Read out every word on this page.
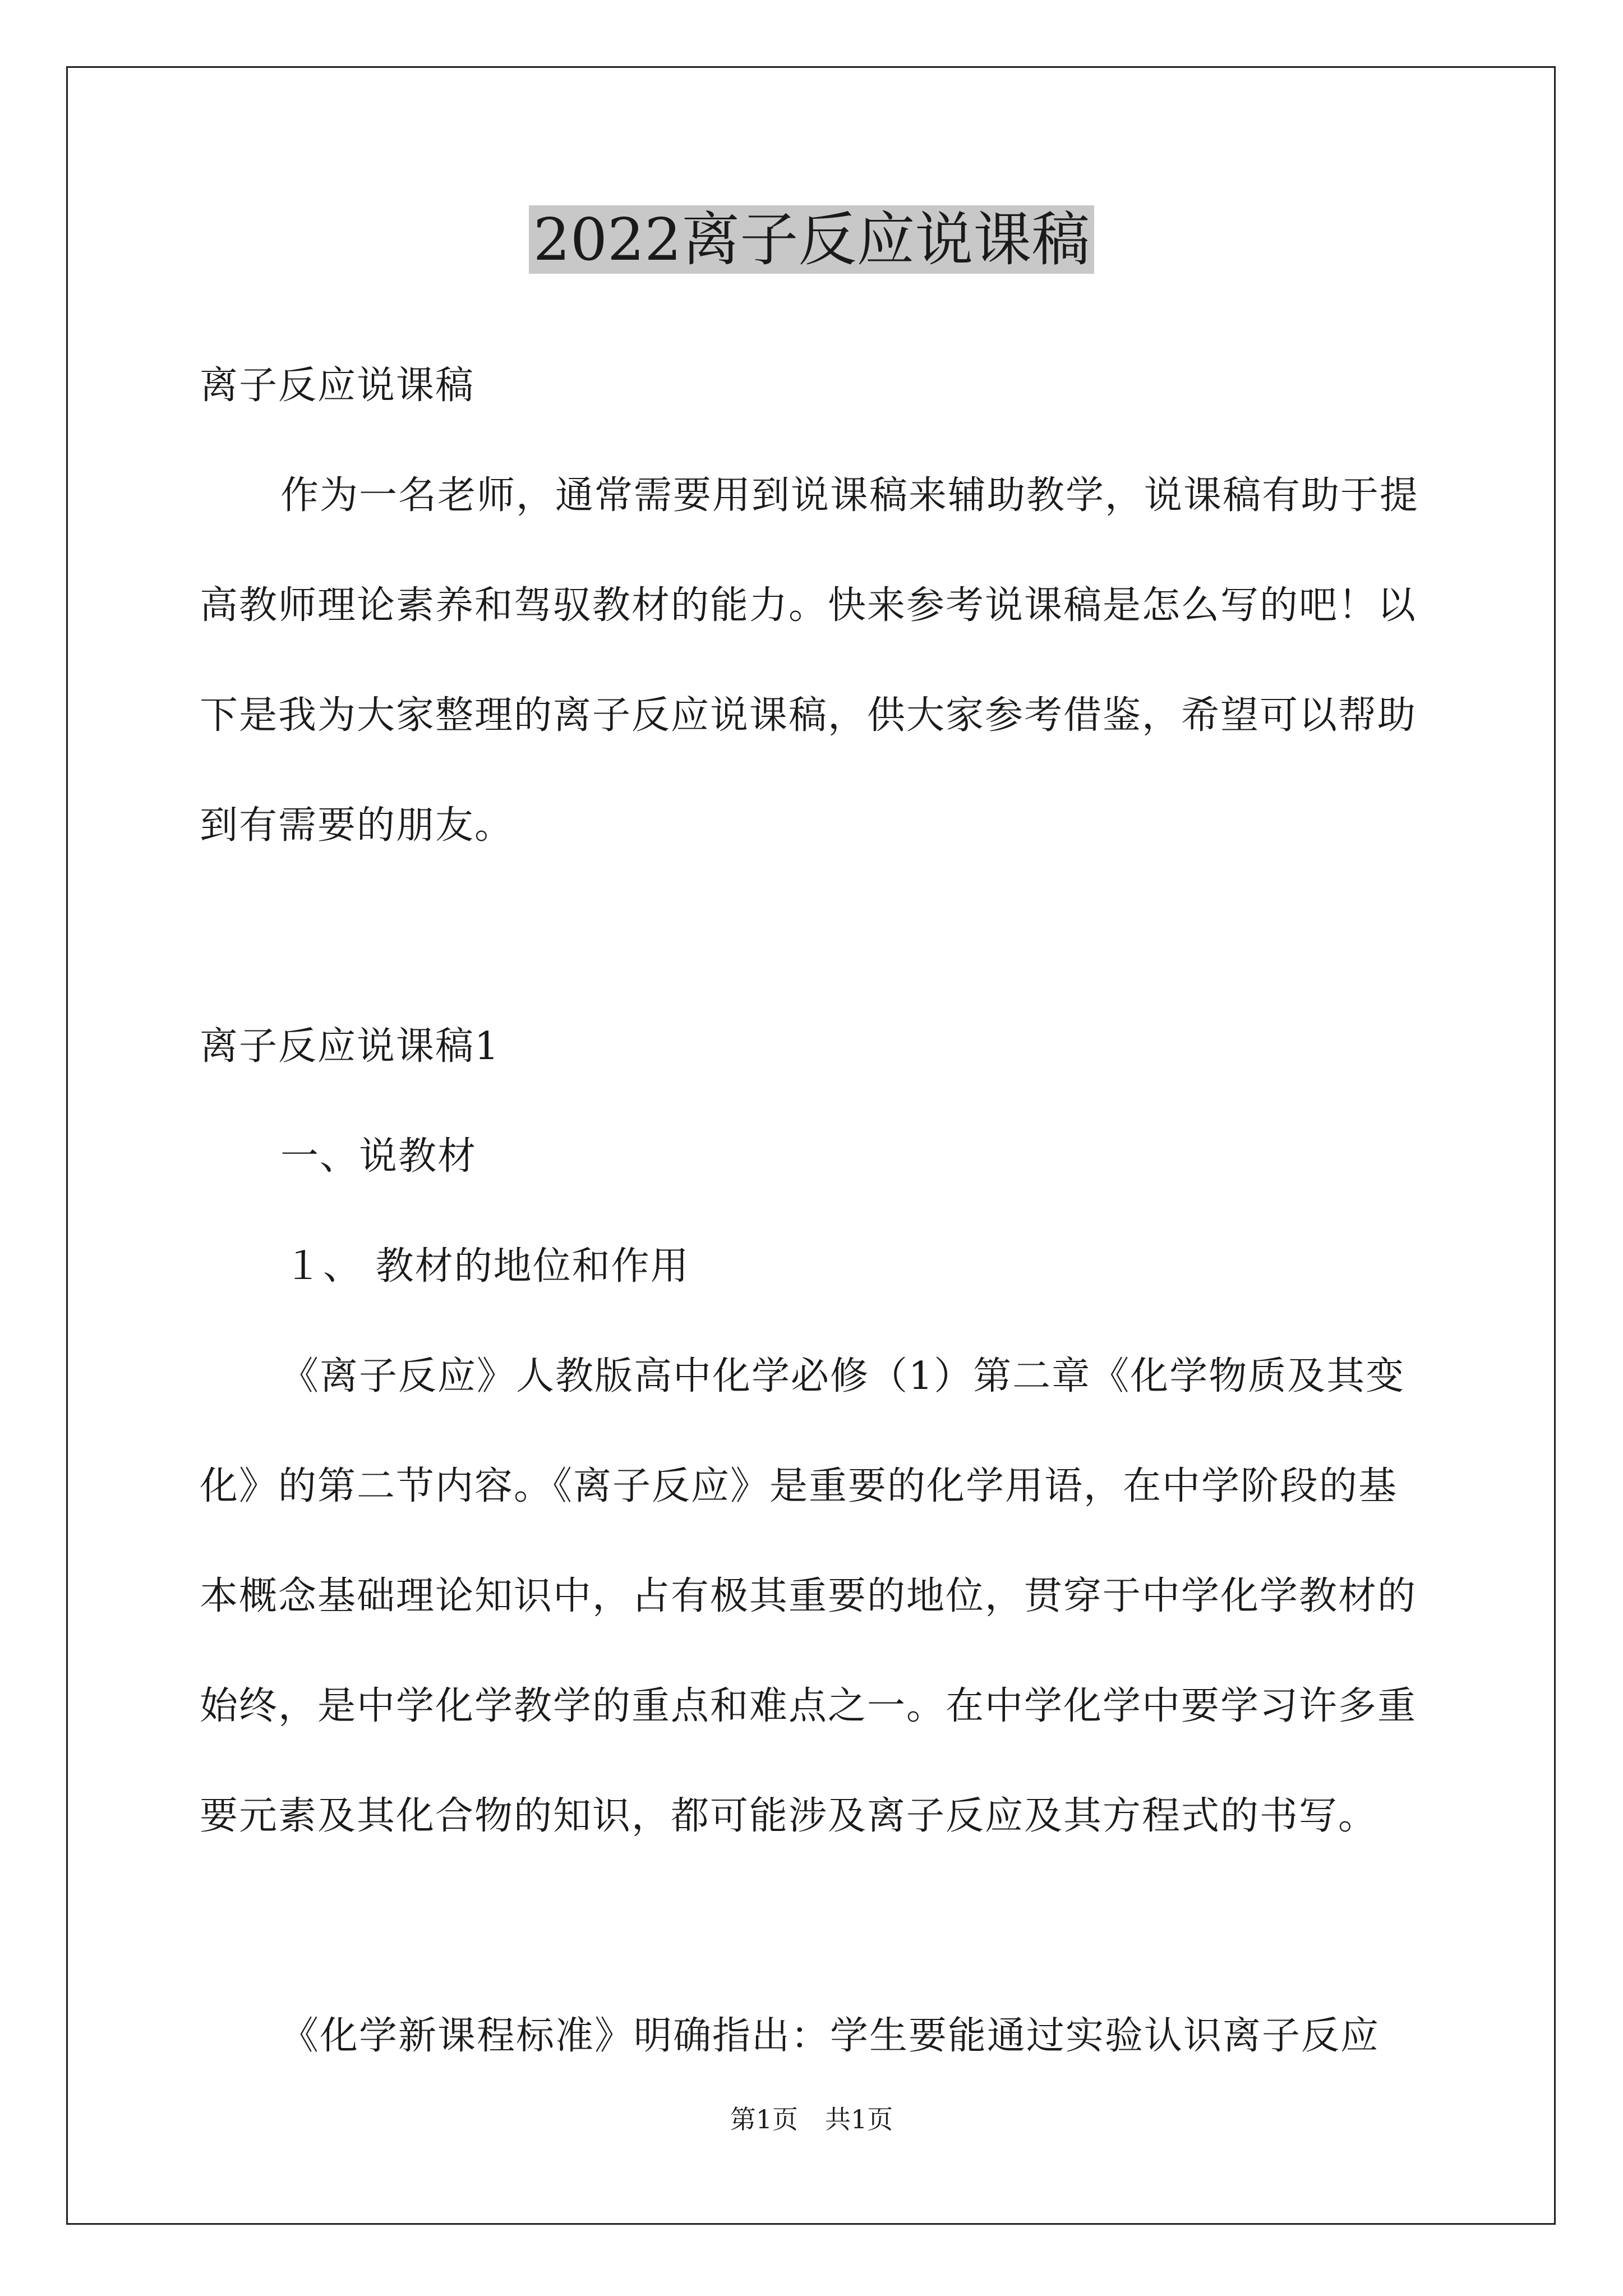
2022离子反应说课稿

离子反应说课稿

作为一名老师，通常需要用到说课稿来辅助教学，说课稿有助于提高教师理论素养和驾驭教材的能力。快来参考说课稿是怎么写的吧！以下是我为大家整理的离子反应说课稿，供大家参考借鉴，希望可以帮助到有需要的朋友。

离子反应说课稿1

一、说教材

１、 教材的地位和作用

《离子反应》人教版高中化学必修（1）第二章《化学物质及其变化》的第二节内容。《离子反应》是重要的化学用语，在中学阶段的基本概念基础理论知识中，占有极其重要的地位，贯穿于中学化学教材的始终，是中学化学教学的重点和难点之一。在中学化学中要学习许多重要元素及其化合物的知识，都可能涉及离子反应及其方程式的书写。

《化学新课程标准》明确指出：学生要能通过实验认识离子反应

第1页 共1页
